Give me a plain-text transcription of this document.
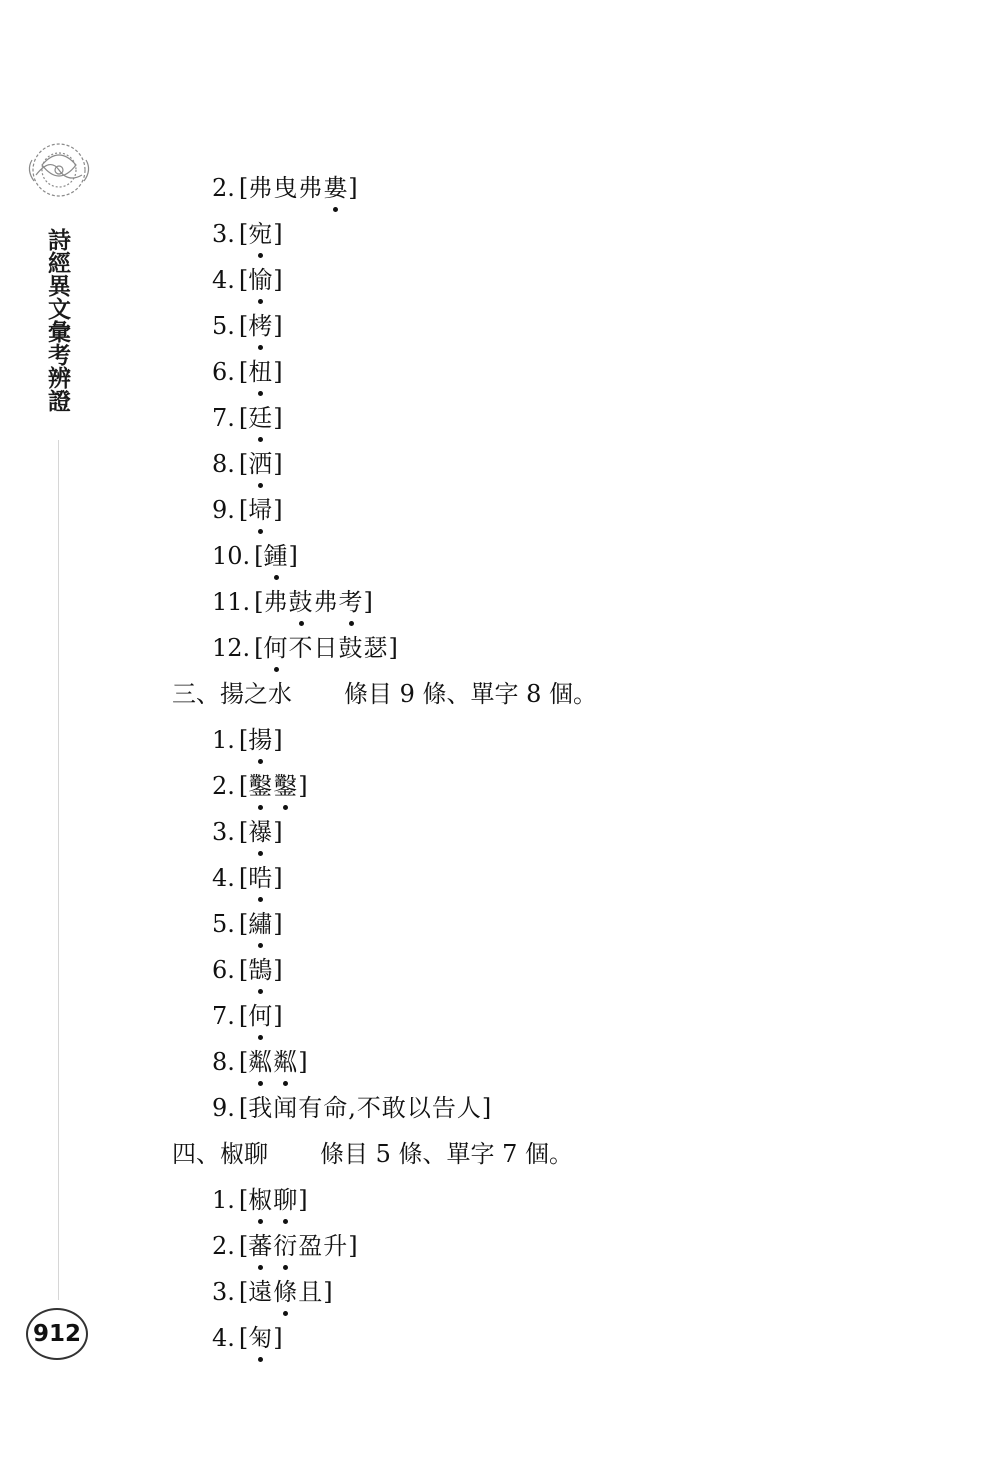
詩經異文彙考辨證
912
2. [弗曳弗婁]
3. [宛]
4. [愉]
5. [栲]
6. [杻]
7. [廷]
8. [洒]
9. [埽]
10. [鍾]
11. [弗鼓弗考]
12. [何不日鼓瑟]
三、揚之水 條目 9 條、單字 8 個。
1. [揚]
2. [鑿鑿]
3. [襮]
4. [晧]
5. [繡]
6. [鵠]
7. [何]
8. [粼粼]
9. [我闻有命,不敢以告人]
四、椒聊 條目 5 條、單字 7 個。
1. [椒聊]
2. [蕃衍盈升]
3. [遠條且]
4. [匊]
